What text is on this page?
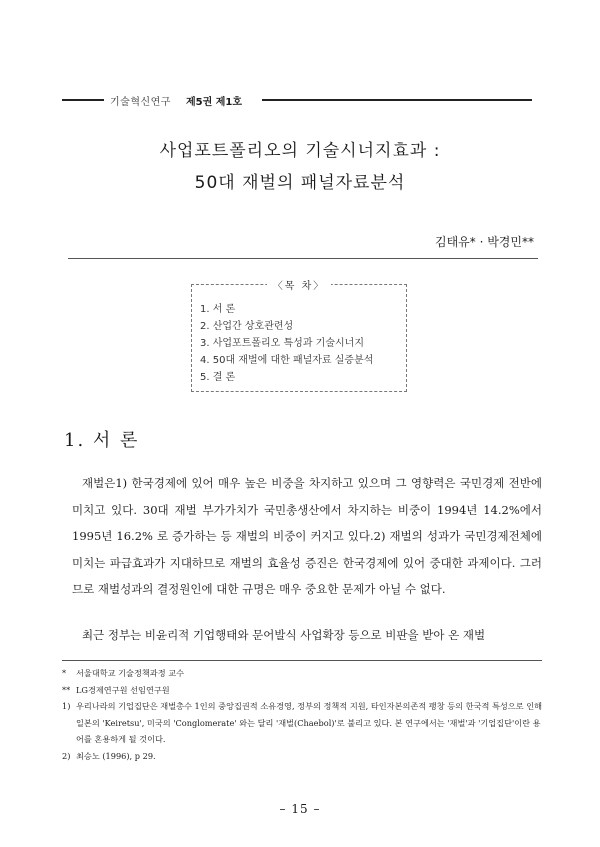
기술혁신연구 제5권 제1호
사업포트폴리오의 기술시너지효과 :
50대 재벌의 패널자료분석
김태유* · 박경민**
〈목 차〉
1. 서 론
2. 산업간 상호관련성
3. 사업포트폴리오 특성과 기술시너지
4. 50대 재벌에 대한 패널자료 실증분석
5. 결 론
1. 서 론

재벌은1) 한국경제에 있어 매우 높은 비중을 차지하고 있으며 그 영향력은 국민경제 전반에 미치고 있다. 30대 재벌 부가가치가 국민총생산에서 차지하는 비중이 1994년 14.2%에서 1995년 16.2% 로 증가하는 등 재벌의 비중이 커지고 있다.2) 재벌의 성과가 국민경제전체에 미치는 파급효과가 지대하므로 재벌의 효율성 증진은 한국경제에 있어 중대한 과제이다. 그러므로 재벌성과의 결정원인에 대한 규명은 매우 중요한 문제가 아닐 수 없다.

최근 정부는 비윤리적 기업행태와 문어발식 사업확장 등으로 비판을 받아 온 재벌

* 서울대학교 기술정책과정 교수
** LG경제연구원 선임연구원
1) 우리나라의 기업집단은 재벌총수 1인의 중앙집권적 소유경영, 정부의 정책적 지원, 타인자본의존적 팽창 등의 한국적 특성으로 인해 일본의 'Keiretsu', 미국의 'Conglomerate' 와는 달리 '재벌(Chaebol)'로 불리고 있다. 본 연구에서는 '재벌'과 '기업집단'이란 용어를 혼용하게 될 것이다.
2) 최승노 (1996), p 29.
– 15 –
